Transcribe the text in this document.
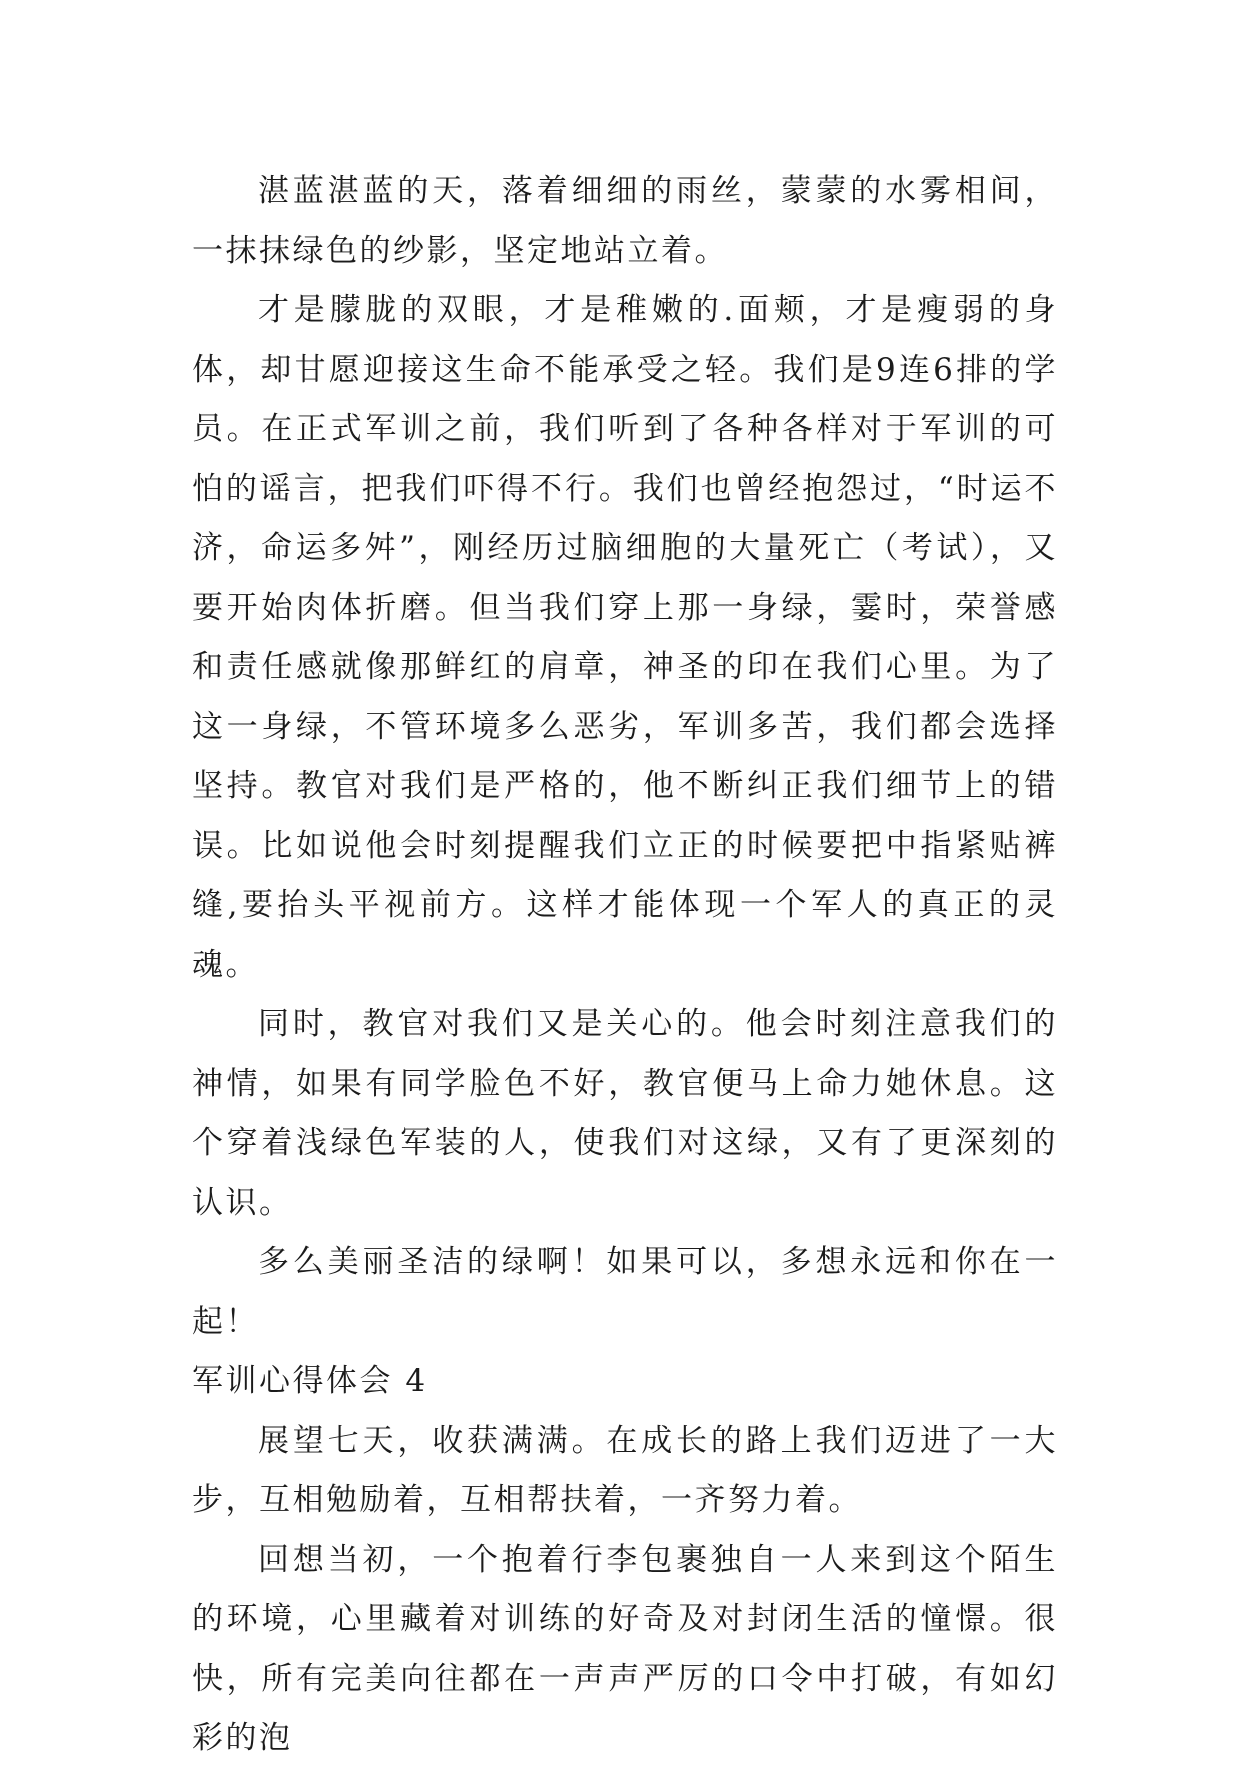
湛蓝湛蓝的天，落着细细的雨丝，蒙蒙的水雾相间，一抹抹绿色的纱影，坚定地站立着。

才是朦胧的双眼，才是稚嫩的.面颊，才是瘦弱的身体，却甘愿迎接这生命不能承受之轻。我们是9连6排的学员。在正式军训之前，我们听到了各种各样对于军训的可怕的谣言，把我们吓得不行。我们也曾经抱怨过，“时运不济，命运多舛”，刚经历过脑细胞的大量死亡（考试），又要开始肉体折磨。但当我们穿上那一身绿，霎时，荣誉感和责任感就像那鲜红的肩章，神圣的印在我们心里。为了这一身绿，不管环境多么恶劣，军训多苦，我们都会选择坚持。教官对我们是严格的，他不断纠正我们细节上的错误。比如说他会时刻提醒我们立正的时候要把中指紧贴裤缝,要抬头平视前方。这样才能体现一个军人的真正的灵魂。

同时，教官对我们又是关心的。他会时刻注意我们的神情，如果有同学脸色不好，教官便马上命力她休息。这个穿着浅绿色军装的人，使我们对这绿，又有了更深刻的认识。

多么美丽圣洁的绿啊！如果可以，多想永远和你在一起！

军训心得体会 4

展望七天，收获满满。在成长的路上我们迈进了一大步，互相勉励着，互相帮扶着，一齐努力着。

回想当初，一个抱着行李包裹独自一人来到这个陌生的环境，心里藏着对训练的好奇及对封闭生活的憧憬。很快，所有完美向往都在一声声严厉的口令中打破，有如幻彩的泡
